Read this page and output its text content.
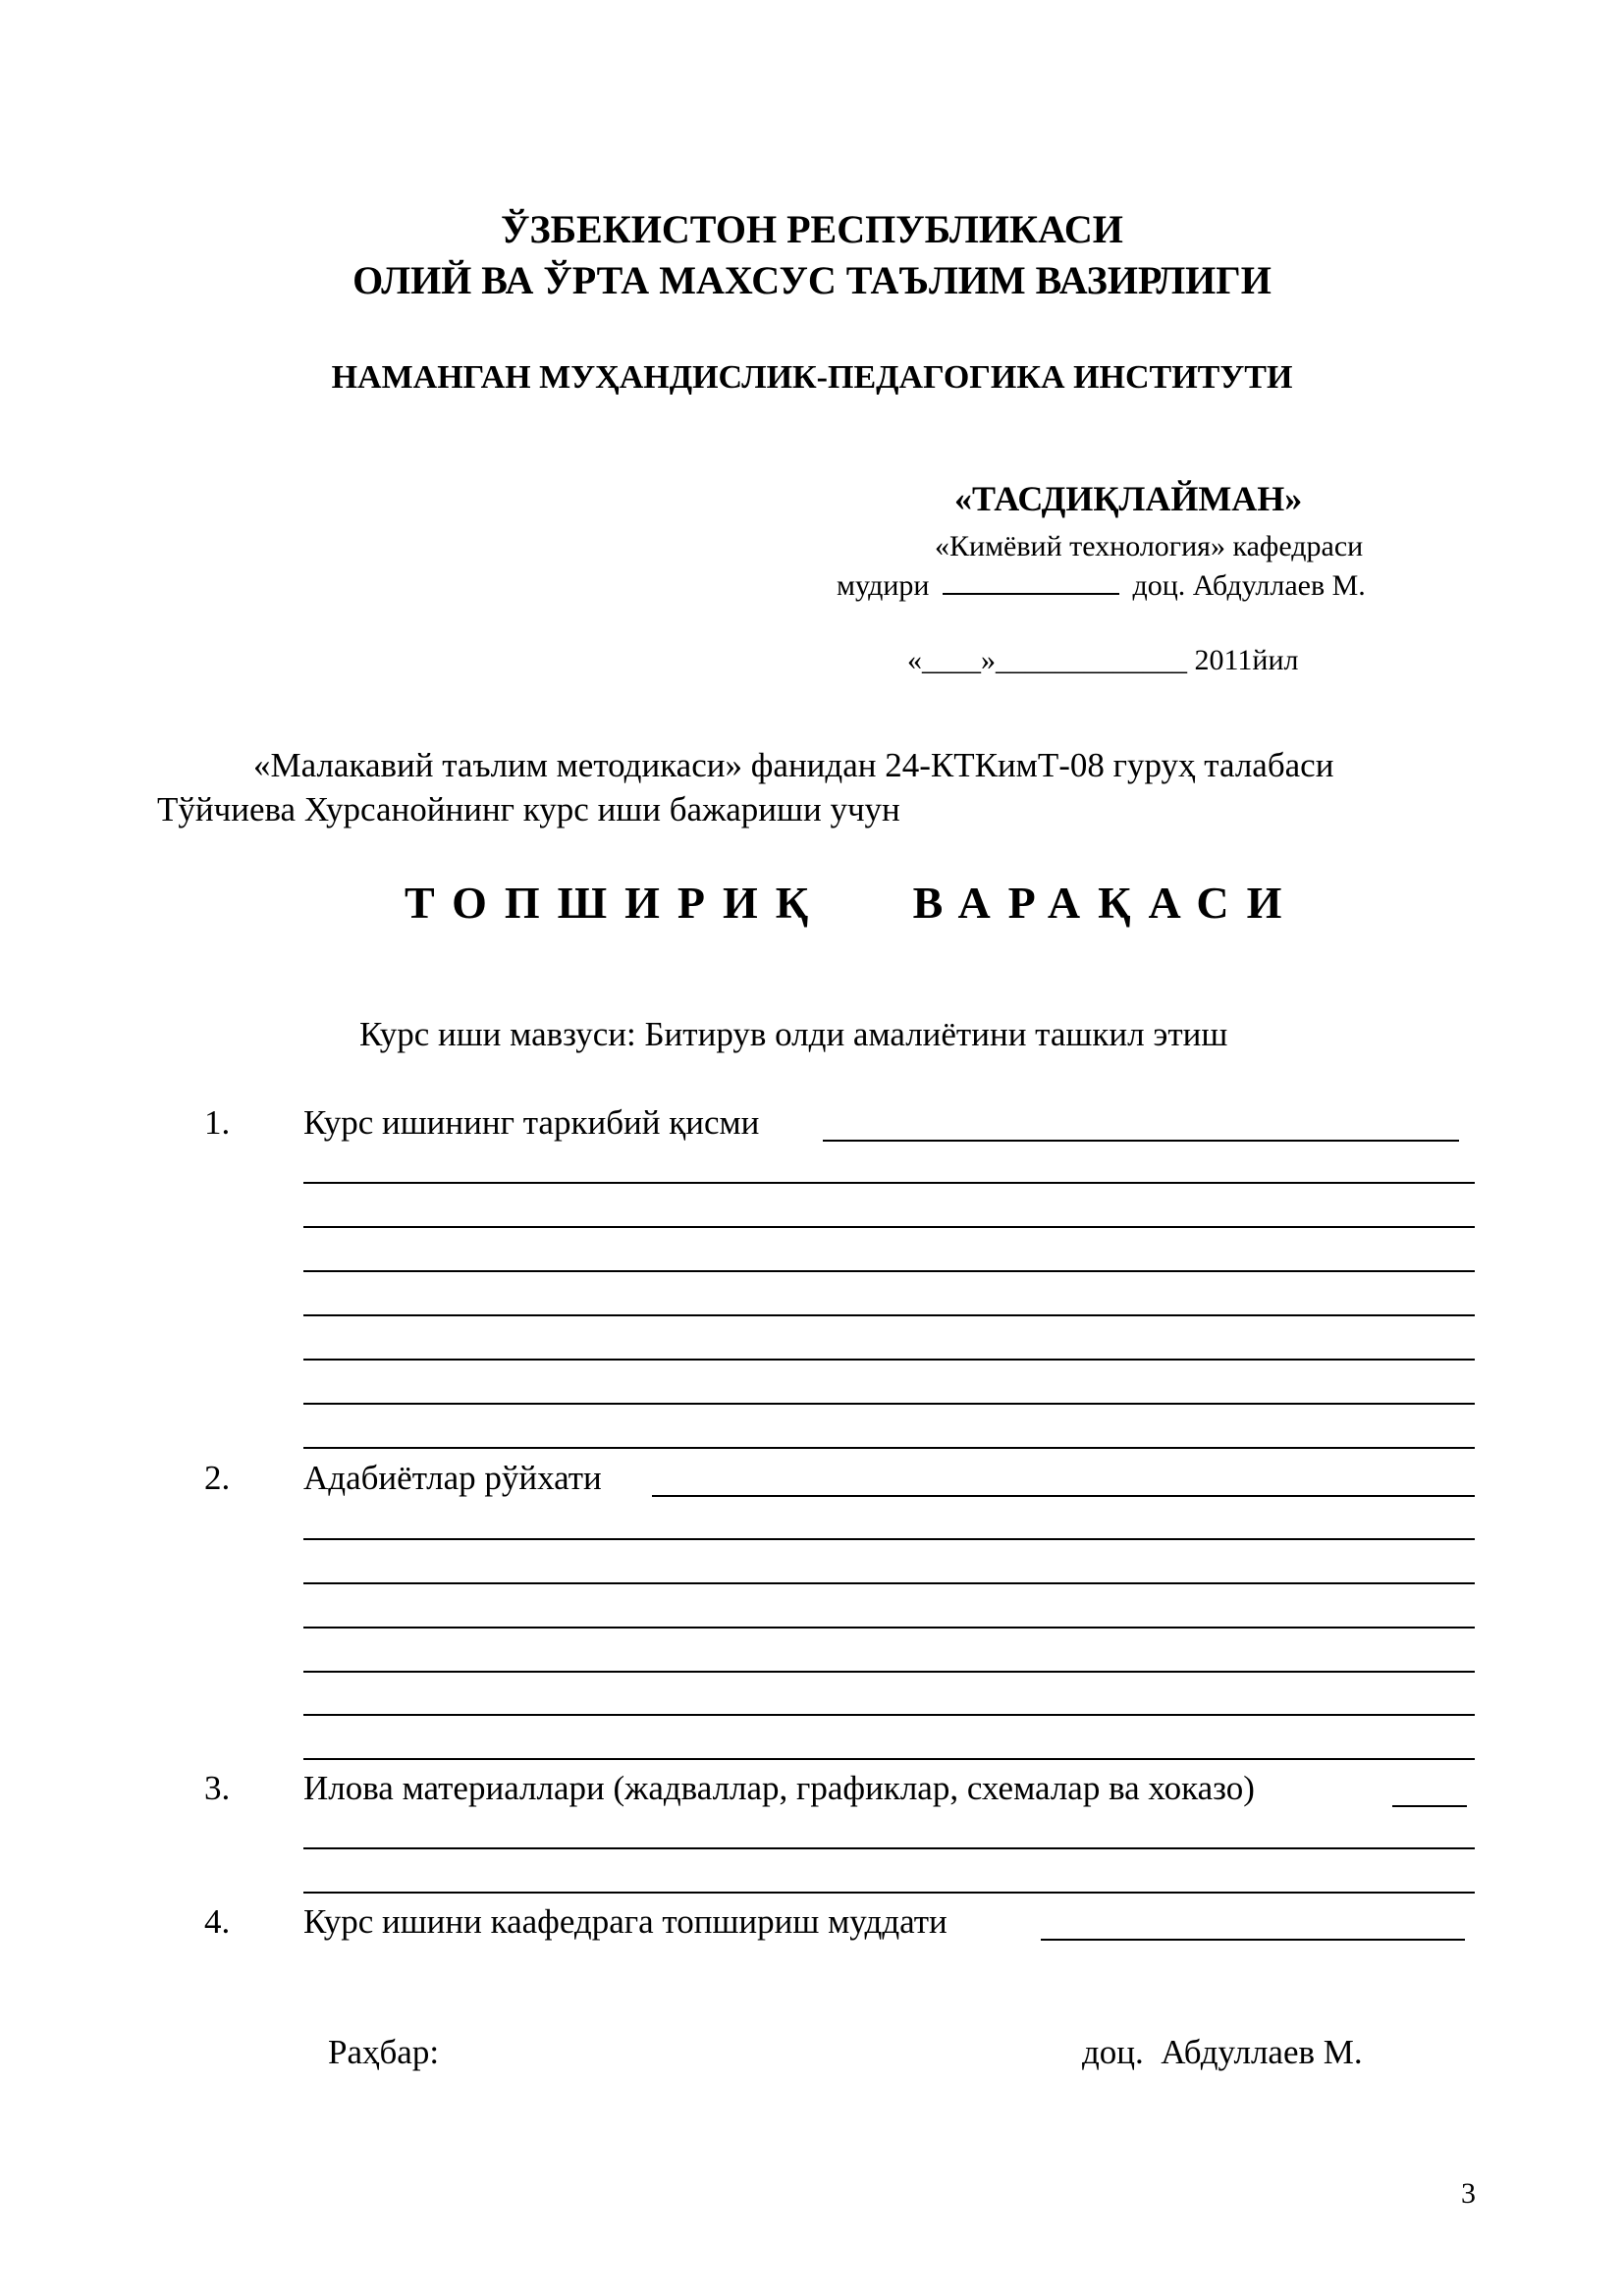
ЎЗБЕКИСТОН РЕСПУБЛИКАСИ
ОЛИЙ ВА ЎРТА МАХСУС ТАЪЛИМ ВАЗИРЛИГИ
НАМАНГАН МУҲАНДИСЛИК-ПЕДАГОГИКА ИНСТИТУТИ
«ТАСДИҚЛАЙМАН»
«Кимёвий технология» кафедраси
мудири	доц. Абдуллаев М.
«____»_____________ 2011йил
«Малакавий таълим методикаси» фанидан 24-КТКимТ-08 гуруҳ талабаси
Тўйчиева Хурсанойнинг курс иши бажариши учун
ТОПШИРИҚ   ВАРАҚАСИ
Курс иши мавзуси: Битирув олди амалиётини ташкил этиш
1. Курс ишининг таркибий қисми
2. Адабиётлар рўйхати
3. Илова материаллари (жадваллар, графиклар, схемалар ва хоказо)
4. Курс ишини каафедрага топшириш муддати
Раҳбар:	доц.  Абдуллаев М.
3
